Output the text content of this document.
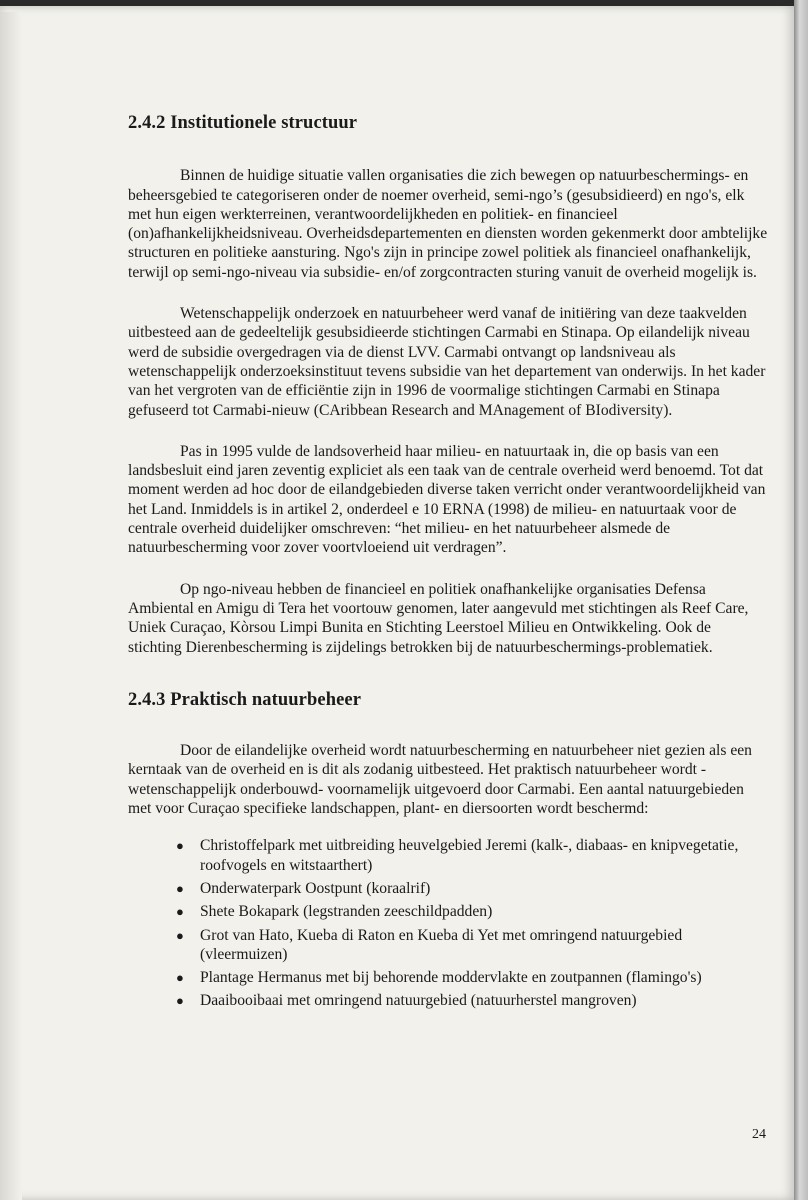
2.4.2 Institutionele structuur

Binnen de huidige situatie vallen organisaties die zich bewegen op natuurbeschermings- en beheersgebied te categoriseren onder de noemer overheid, semi-ngo’s (gesubsidieerd) en ngo's, elk met hun eigen werkterreinen, verantwoordelijkheden en politiek- en financieel (on)afhankelijkheidsniveau. Overheidsdepartementen en diensten worden gekenmerkt door ambtelijke structuren en politieke aansturing. Ngo's zijn in principe zowel politiek als financieel onafhankelijk, terwijl op semi-ngo-niveau via subsidie- en/of zorgcontracten sturing vanuit de overheid mogelijk is.

Wetenschappelijk onderzoek en natuurbeheer werd vanaf de initiëring van deze taakvelden uitbesteed aan de gedeeltelijk gesubsidieerde stichtingen Carmabi en Stinapa. Op eilandelijk niveau werd de subsidie overgedragen via de dienst LVV. Carmabi ontvangt op landsniveau als wetenschappelijk onderzoeksinstituut tevens subsidie van het departement van onderwijs. In het kader van het vergroten van de efficiëntie zijn in 1996 de voormalige stichtingen Carmabi en Stinapa gefuseerd tot Carmabi-nieuw (CAribbean Research and MAnagement of BIodiversity).

Pas in 1995 vulde de landsoverheid haar milieu- en natuurtaak in, die op basis van een landsbesluit eind jaren zeventig expliciet als een taak van de centrale overheid werd benoemd. Tot dat moment werden ad hoc door de eilandgebieden diverse taken verricht onder verantwoordelijkheid van het Land. Inmiddels is in artikel 2, onderdeel e 10 ERNA (1998) de milieu- en natuurtaak voor de centrale overheid duidelijker omschreven: “het milieu- en het natuurbeheer alsmede de natuurbescherming voor zover voortvloeiend uit verdragen”.

Op ngo-niveau hebben de financieel en politiek onafhankelijke organisaties Defensa Ambiental en Amigu di Tera het voortouw genomen, later aangevuld met stichtingen als Reef Care, Uniek Curaçao, Kòrsou Limpi Bunita en Stichting Leerstoel Milieu en Ontwikkeling. Ook de stichting Dierenbescherming is zijdelings betrokken bij de natuurbeschermings-problematiek.

2.4.3 Praktisch natuurbeheer

Door de eilandelijke overheid wordt natuurbescherming en natuurbeheer niet gezien als een kerntaak van de overheid en is dit als zodanig uitbesteed. Het praktisch natuurbeheer wordt -wetenschappelijk onderbouwd- voornamelijk uitgevoerd door Carmabi. Een aantal natuurgebieden met voor Curaçao specifieke landschappen, plant- en diersoorten wordt beschermd:

● Christoffelpark met uitbreiding heuvelgebied Jeremi (kalk-, diabaas- en knipvegetatie, roofvogels en witstaarthert)
● Onderwaterpark Oostpunt (koraalrif)
● Shete Bokapark (legstranden zeeschildpadden)
● Grot van Hato, Kueba di Raton en Kueba di Yet met omringend natuurgebied (vleermuizen)
● Plantage Hermanus met bij behorende moddervlakte en zoutpannen (flamingo's)
● Daaibooibaai met omringend natuurgebied (natuurherstel mangroven)
24
